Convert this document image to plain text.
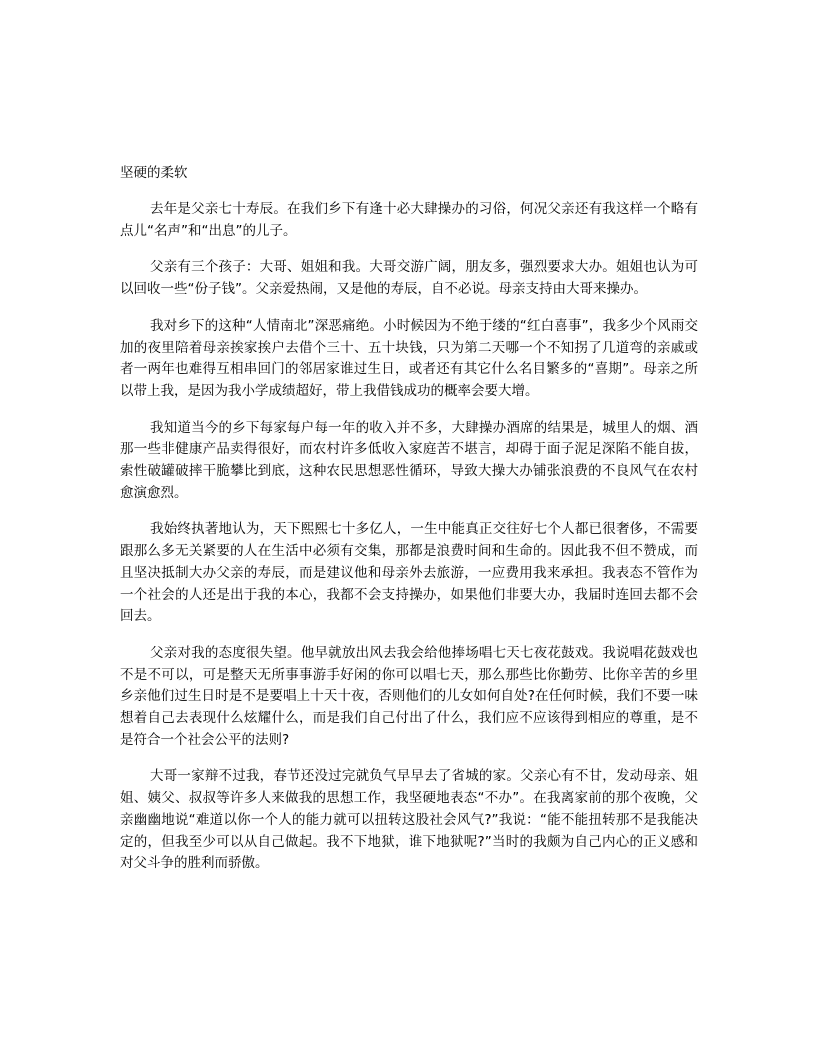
坚硬的柔软

去年是父亲七十寿辰。在我们乡下有逢十必大肆操办的习俗，何况父亲还有我这样一个略有点儿“名声”和“出息”的儿子。

父亲有三个孩子：大哥、姐姐和我。大哥交游广阔，朋友多，强烈要求大办。姐姐也认为可以回收一些“份子钱”。父亲爱热闹，又是他的寿辰，自不必说。母亲支持由大哥来操办。

我对乡下的这种“人情南北”深恶痛绝。小时候因为不绝于缕的“红白喜事”，我多少个风雨交加的夜里陪着母亲挨家挨户去借个三十、五十块钱，只为第二天哪一个不知拐了几道弯的亲戚或者一两年也难得互相串回门的邻居家谁过生日，或者还有其它什么名目繁多的“喜期”。母亲之所以带上我，是因为我小学成绩超好，带上我借钱成功的概率会要大增。

我知道当今的乡下每家每户每一年的收入并不多，大肆操办酒席的结果是，城里人的烟、酒那一些非健康产品卖得很好，而农村许多低收入家庭苦不堪言，却碍于面子泥足深陷不能自拔，索性破罐破摔干脆攀比到底，这种农民思想恶性循环，导致大操大办铺张浪费的不良风气在农村愈演愈烈。

我始终执著地认为，天下熙熙七十多亿人，一生中能真正交往好七个人都已很奢侈，不需要跟那么多无关紧要的人在生活中必须有交集，那都是浪费时间和生命的。因此我不但不赞成，而且坚决抵制大办父亲的寿辰，而是建议他和母亲外去旅游，一应费用我来承担。我表态不管作为一个社会的人还是出于我的本心，我都不会支持操办，如果他们非要大办，我届时连回去都不会回去。

父亲对我的态度很失望。他早就放出风去我会给他捧场唱七天七夜花鼓戏。我说唱花鼓戏也不是不可以，可是整天无所事事游手好闲的你可以唱七天，那么那些比你勤劳、比你辛苦的乡里乡亲他们过生日时是不是要唱上十天十夜，否则他们的儿女如何自处?在任何时候，我们不要一味想着自己去表现什么炫耀什么，而是我们自己付出了什么，我们应不应该得到相应的尊重，是不是符合一个社会公平的法则?

大哥一家辩不过我，春节还没过完就负气早早去了省城的家。父亲心有不甘，发动母亲、姐姐、姨父、叔叔等许多人来做我的思想工作，我坚硬地表态“不办”。在我离家前的那个夜晚，父亲幽幽地说“难道以你一个人的能力就可以扭转这股社会风气?”我说：“能不能扭转那不是我能决定的，但我至少可以从自己做起。我不下地狱，谁下地狱呢?”当时的我颇为自己内心的正义感和对父斗争的胜利而骄傲。
